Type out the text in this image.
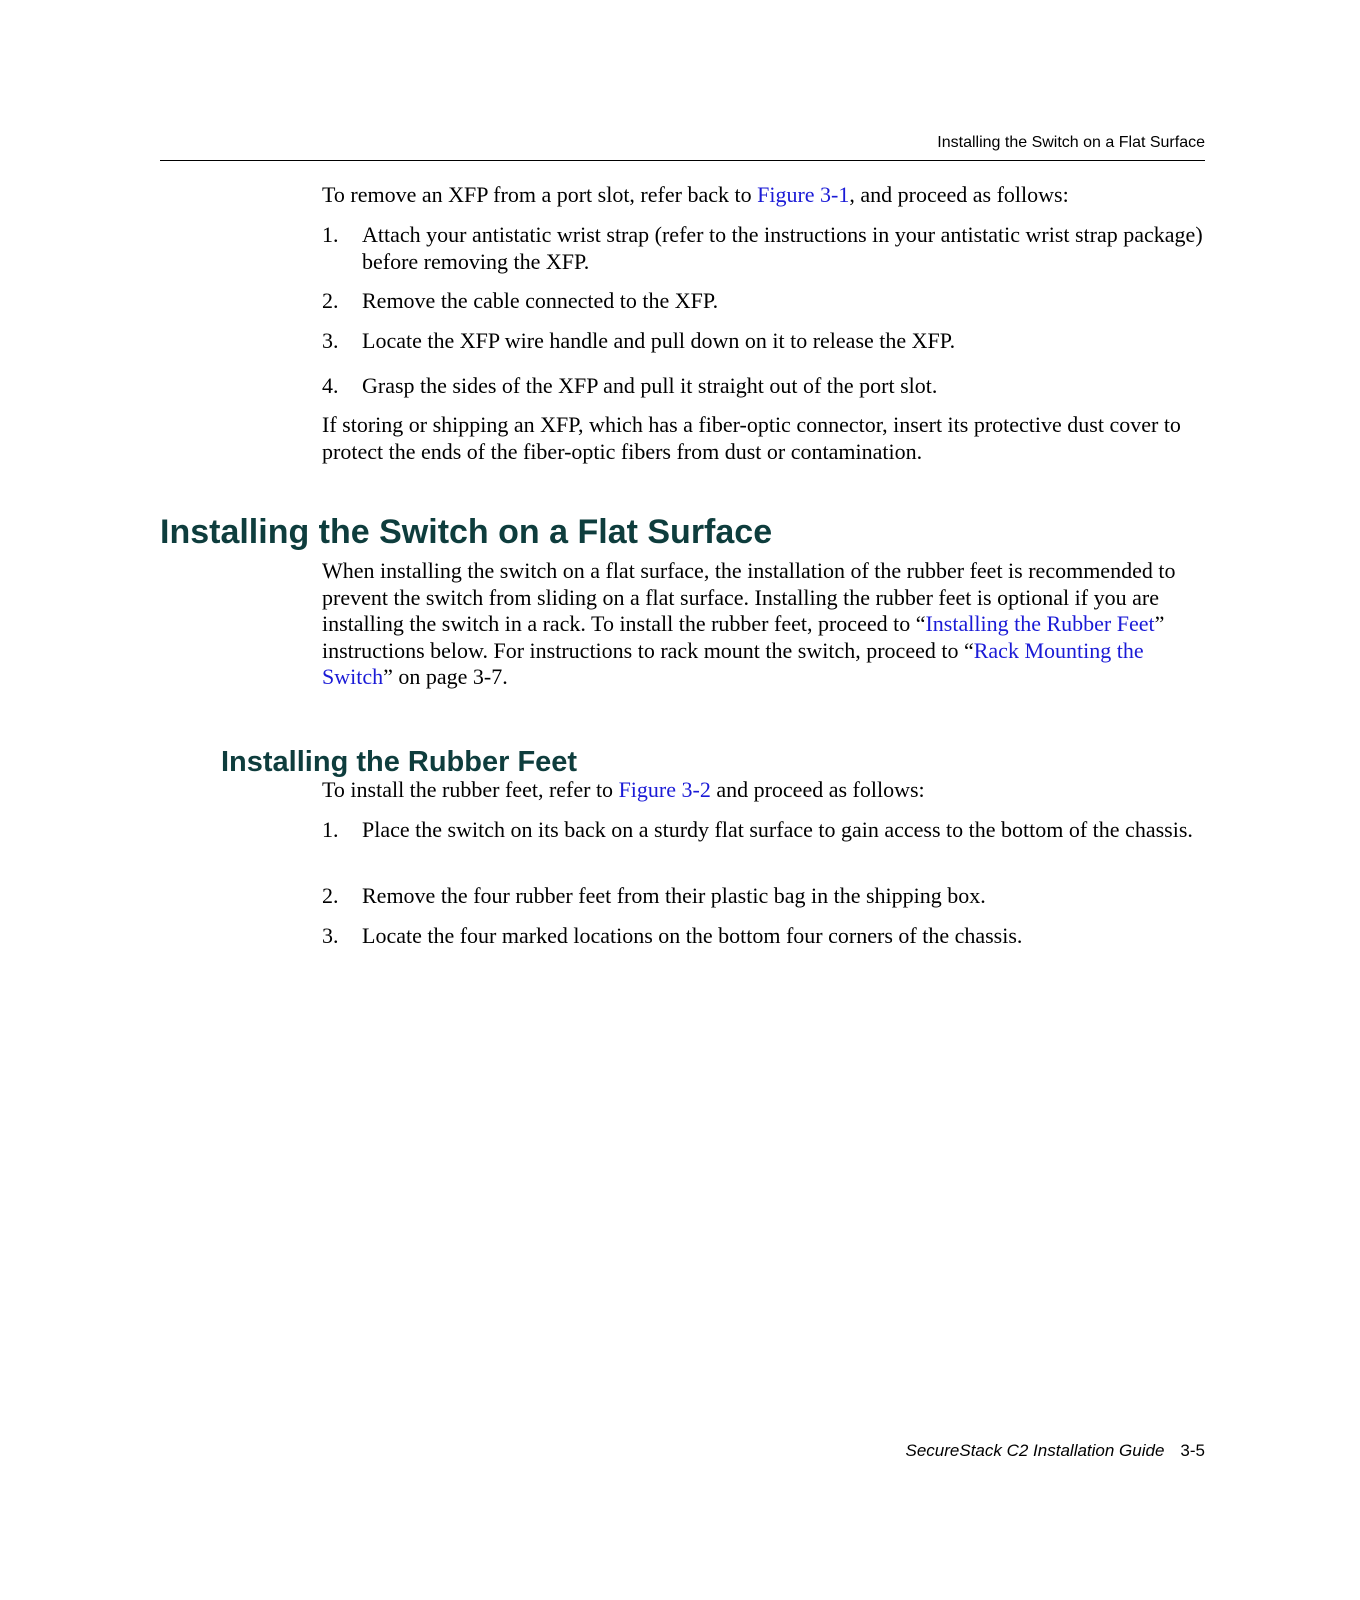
Installing the Switch on a Flat Surface

To remove an XFP from a port slot, refer back to Figure 3-1, and proceed as follows:

1. Attach your antistatic wrist strap (refer to the instructions in your antistatic wrist strap package) before removing the XFP.
2. Remove the cable connected to the XFP.
3. Locate the XFP wire handle and pull down on it to release the XFP.
4. Grasp the sides of the XFP and pull it straight out of the port slot.

If storing or shipping an XFP, which has a fiber-optic connector, insert its protective dust cover to protect the ends of the fiber-optic fibers from dust or contamination.

Installing the Switch on a Flat Surface

When installing the switch on a flat surface, the installation of the rubber feet is recommended to prevent the switch from sliding on a flat surface. Installing the rubber feet is optional if you are installing the switch in a rack. To install the rubber feet, proceed to “Installing the Rubber Feet” instructions below. For instructions to rack mount the switch, proceed to “Rack Mounting the Switch” on page 3-7.

Installing the Rubber Feet

To install the rubber feet, refer to Figure 3-2 and proceed as follows:

1. Place the switch on its back on a sturdy flat surface to gain access to the bottom of the chassis.
2. Remove the four rubber feet from their plastic bag in the shipping box.
3. Locate the four marked locations on the bottom four corners of the chassis.
SecureStack C2 Installation Guide 3-5
